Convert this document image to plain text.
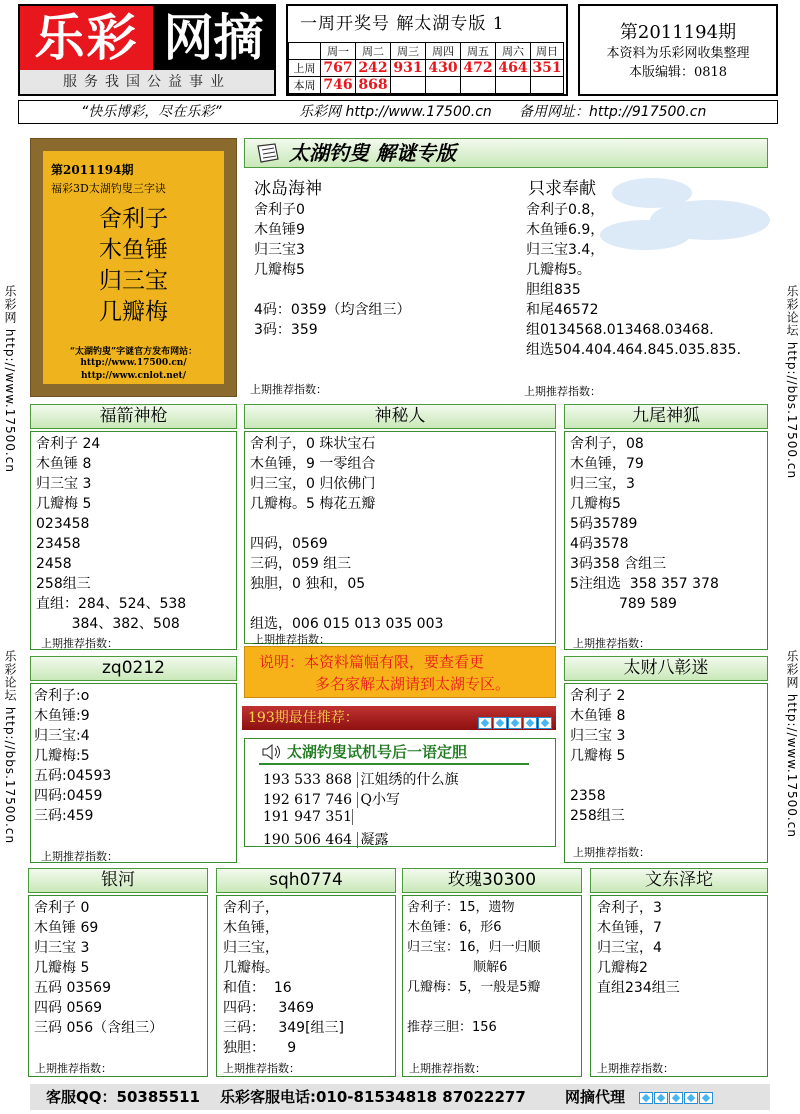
乐彩 网摘
服务我国公益事业
一周开奖号 解太湖专版 1
	周一	周二	周三	周四	周五	周六	周日
上周	767	242	931	430	472	464	351
本周	746	868					
第2011194期
本资料为乐彩网收集整理
本版编辑：0818
“快乐博彩，尽在乐彩”	乐彩网 http://www.17500.cn 备用网址：http://917500.cn
乐彩网 http://www.17500.cn
乐彩论坛 http://bbs.17500.cn
乐彩论坛 http://bbs.17500.cn
乐彩网 http://www.17500.cn
第2011194期
福彩3D太湖钓叟三字诀
舍利子
木鱼锤
归三宝
几瓣梅
“太湖钓叟”字谜官方发布网站：
http://www.17500.cn/
http://www.cnlot.net/
太湖钓叟 解谜专版
冰岛海神
舍利子0
木鱼锤9
归三宝3
几瓣梅5
4码：0359（均含组三）
3码：359
上期推荐指数：
只求奉献
舍利子0.8，
木鱼锤6.9，
归三宝3.4，
几瓣梅5。
胆组835
和尾46572
组0134568.013468.03468.
组选504.404.464.845.035.835.
上期推荐指数：
福箭神枪
舍利子 24
木鱼锤 8
归三宝 3
几瓣梅 5
023458
23458
2458
258组三
直组：284、524、538
384、382、508
上期推荐指数：
神秘人
舍利子，0 珠状宝石
木鱼锤，9 一零组合
归三宝，0 归依佛门
几瓣梅。5 梅花五瓣
四码，0569
三码，059 组三
独胆，0 独和，05
组选，006 015 013 035 003
上期推荐指数：
九尾神狐
舍利子，08
木鱼锤，79
归三宝，3
几瓣梅5
5码35789
4码3578
3码358 含组三
5注组选  358 357 378
789 589
上期推荐指数：
zq0212
舍利子:o
木鱼锤:9
归三宝:4
几瓣梅:5
五码:04593
四码:0459
三码:459
上期推荐指数：
说明：本资料篇幅有限，要查看更
多名家解太湖请到太湖专区。
193期最佳推荐：
太湖钓叟试机号后一语定胆
193 533 868 江姐绣的什么旗
192 617 746 Q小写
191 947 351
190 506 464 凝露
太财八彰迷
舍利子 2
木鱼锤 8
归三宝 3
几瓣梅 5
2358
258组三
上期推荐指数：
银河
舍利子 0
木鱼锤 69
归三宝 3
几瓣梅 5
五码 03569
四码 0569
三码 056（含组三）
上期推荐指数：
sqh0774
舍利子，
木鱼锤，
归三宝，
几瓣梅。
和值：  16
四码：   3469
三码：   349[组三]
独胆：     9
上期推荐指数：
玫瑰30300
舍利子：15，遗物
木鱼锤：6，形6
归三宝：16，归一归顺
顺解6
几瓣梅：5，一般是5瓣
推荐三胆：156
上期推荐指数：
文东泽坨
舍利子，3
木鱼锤，7
归三宝，4
几瓣梅2
直组234组三
上期推荐指数：
客服QQ：50385511 乐彩客服电话:010-81534818 87022277	网摘代理
